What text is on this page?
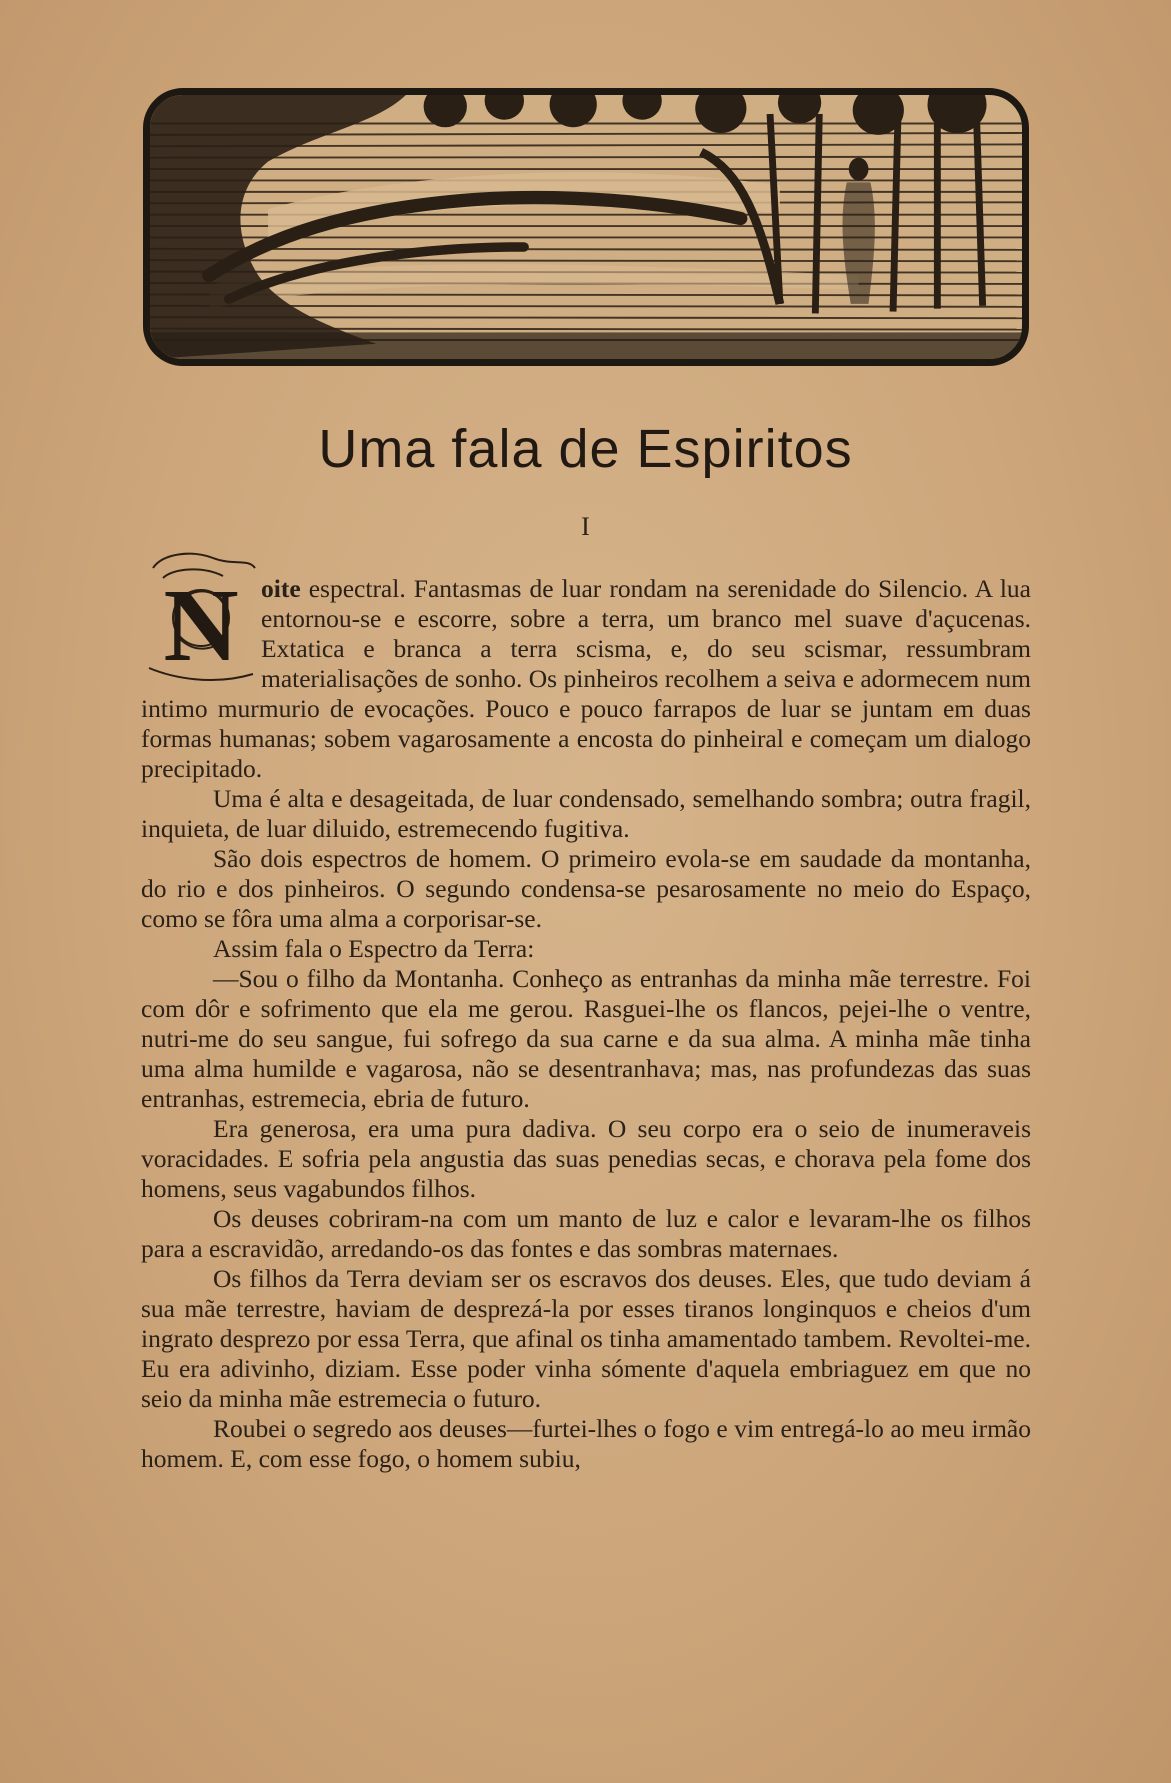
Uma fala de Espiritos
I
N oite espectral. Fantasmas de luar rondam na serenidade do Silencio. A lua entornou-se e escorre, sobre a terra, um branco mel suave d'açucenas. Extatica e branca a terra scisma, e, do seu scismar, ressumbram materialisações de sonho. Os pinheiros recolhem a seiva e adormecem num intimo murmurio de evocações. Pouco e pouco farrapos de luar se juntam em duas formas humanas; sobem vagarosamente a encosta do pinheiral e começam um dialogo precipitado.

Uma é alta e desageitada, de luar condensado, semelhando sombra; outra fragil, inquieta, de luar diluido, estremecendo fugitiva.

São dois espectros de homem. O primeiro evola-se em saudade da montanha, do rio e dos pinheiros. O segundo condensa-se pesarosamente no meio do Espaço, como se fôra uma alma a corporisar-se.

Assim fala o Espectro da Terra:

—Sou o filho da Montanha. Conheço as entranhas da minha mãe terrestre. Foi com dôr e sofrimento que ela me gerou. Rasguei-lhe os flancos, pejei-lhe o ventre, nutri-me do seu sangue, fui sofrego da sua carne e da sua alma. A minha mãe tinha uma alma humilde e vagarosa, não se desentranhava; mas, nas profundezas das suas entranhas, estremecia, ebria de futuro.

Era generosa, era uma pura dadiva. O seu corpo era o seio de inumeraveis voracidades. E sofria pela angustia das suas penedias secas, e chorava pela fome dos homens, seus vagabundos filhos.

Os deuses cobriram-na com um manto de luz e calor e levaram-lhe os filhos para a escravidão, arredando-os das fontes e das sombras maternaes.

Os filhos da Terra deviam ser os escravos dos deuses. Eles, que tudo deviam á sua mãe terrestre, haviam de desprezá-la por esses tiranos longinquos e cheios d'um ingrato desprezo por essa Terra, que afinal os tinha amamentado tambem. Revoltei-me. Eu era adivinho, diziam. Esse poder vinha sómente d'aquela embriaguez em que no seio da minha mãe estremecia o futuro.

Roubei o segredo aos deuses—furtei-lhes o fogo e vim entregá-lo ao meu irmão homem. E, com esse fogo, o homem subiu,
